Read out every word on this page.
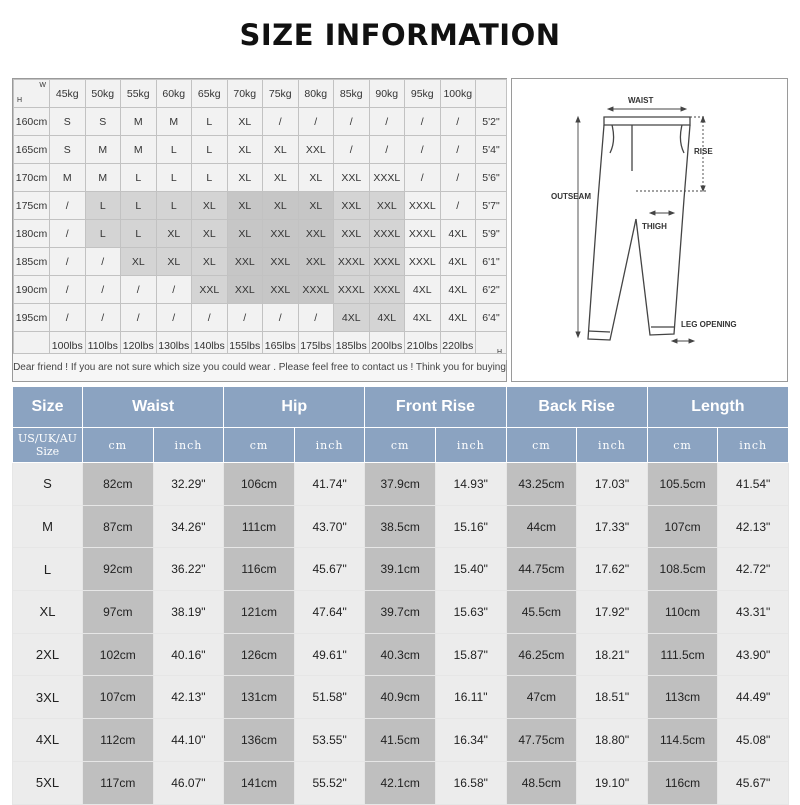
SIZE INFORMATION
H
W	45kg	50kg	55kg	60kg	65kg	70kg	75kg	80kg	85kg	90kg	95kg	100kg	
160cm	S	S	M	M	L	XL	/	/	/	/	/	/	5'2"
165cm	S	M	M	L	L	XL	XL	XXL	/	/	/	/	5'4"
170cm	M	M	L	L	L	XL	XL	XL	XXL	XXXL	/	/	5'6"
175cm	/	L	L	L	XL	XL	XL	XL	XXL	XXL	XXXL	/	5'7"
180cm	/	L	L	XL	XL	XL	XXL	XXL	XXL	XXXL	XXXL	4XL	5'9"
185cm	/	/	XL	XL	XL	XXL	XXL	XXL	XXXL	XXXL	XXXL	4XL	6'1"
190cm	/	/	/	/	XXL	XXL	XXL	XXXL	XXXL	XXXL	4XL	4XL	6'2"
195cm	/	/	/	/	/	/	/	/	4XL	4XL	4XL	4XL	6'4"
	100lbs	110lbs	120lbs	130lbs	140lbs	155lbs	165lbs	175lbs	185lbs	200lbs	210lbs	220lbs	
Dear friend ! If you are not sure which size you could wear . Please feel free to contact us ! Think you for buying
WAIST
RISE
OUTSEAM
THIGH
LEG OPENING
Size	Waist		Hip		Front Rise		Back Rise		Length	
US/UK/AU Size	cm	inch	cm	inch	cm	inch	cm	inch	cm	inch
S	82cm	32.29"	106cm	41.74"	37.9cm	14.93"	43.25cm	17.03"	105.5cm	41.54"
M	87cm	34.26"	111cm	43.70"	38.5cm	15.16"	44cm	17.33"	107cm	42.13"
L	92cm	36.22"	116cm	45.67"	39.1cm	15.40"	44.75cm	17.62"	108.5cm	42.72"
XL	97cm	38.19"	121cm	47.64"	39.7cm	15.63"	45.5cm	17.92"	110cm	43.31"
2XL	102cm	40.16"	126cm	49.61"	40.3cm	15.87"	46.25cm	18.21"	111.5cm	43.90"
3XL	107cm	42.13"	131cm	51.58"	40.9cm	16.11"	47cm	18.51"	113cm	44.49"
4XL	112cm	44.10"	136cm	53.55"	41.5cm	16.34"	47.75cm	18.80"	114.5cm	45.08"
5XL	117cm	46.07"	141cm	55.52"	42.1cm	16.58"	48.5cm	19.10"	116cm	45.67"
